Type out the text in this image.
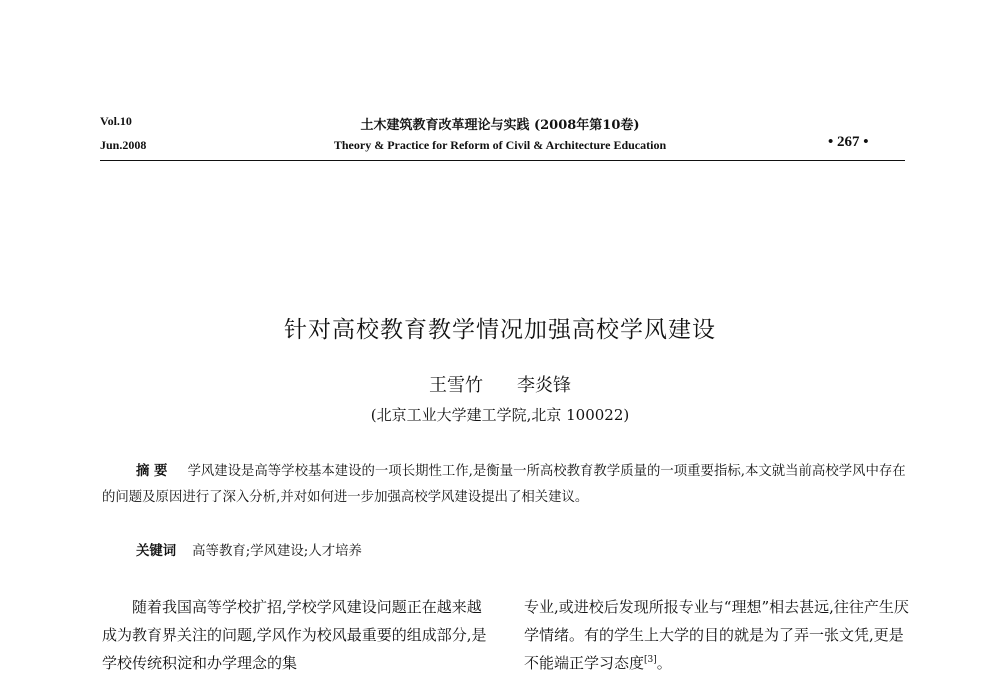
Vol.10
Jun.2008
土木建筑教育改革理论与实践 (2008年第10卷)
Theory & Practice for Reform of Civil & Architecture Education	• 267 •
针对高校教育教学情况加强高校学风建设
王雪竹 李炎锋
(北京工业大学建工学院,北京 100022)
摘 要 学风建设是高等学校基本建设的一项长期性工作,是衡量一所高校教育教学质量的一项重要指标,本文就当前高校学风中存在的问题及原因进行了深入分析,并对如何进一步加强高校学风建设提出了相关建议。
关键词 高等教育;学风建设;人才培养
随着我国高等学校扩招,学校学风建设问题正在越来越成为教育界关注的问题,学风作为校风最重要的组成部分,是学校传统积淀和办学理念的集
专业,或进校后发现所报专业与“理想”相去甚远,往往产生厌学情绪。有的学生上大学的目的就是为了弄一张文凭,更是不能端正学习态度[3]。
